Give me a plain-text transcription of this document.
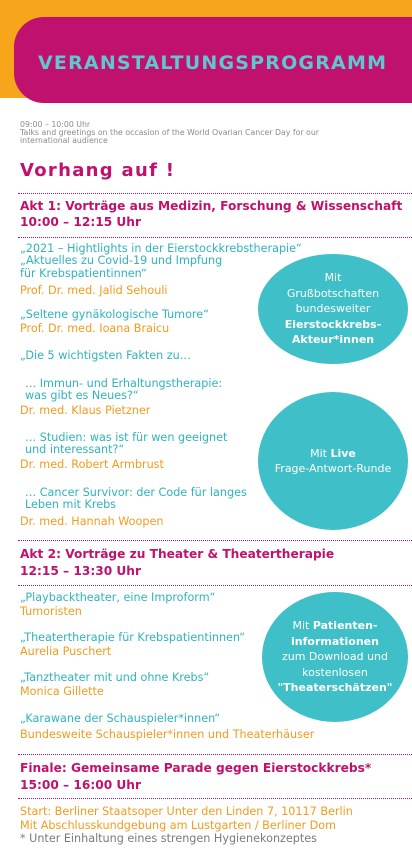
VERANSTALTUNGSPROGRAMM
09:00 – 10:00 Uhr
Talks and greetings on the occasion of the World Ovarian Cancer Day for our
international audience
Vorhang auf !
Akt 1: Vorträge aus Medizin, Forschung & Wissenschaft
10:00 – 12:15 Uhr
„2021 – Hightlights in der Eierstockkrebstherapie“
„Aktuelles zu Covid-19 und Impfung
für Krebspatientinnen“
Prof. Dr. med. Jalid Sehouli
„Seltene gynäkologische Tumore“
Prof. Dr. med. Ioana Braicu
„Die 5 wichtigsten Fakten zu…
… Immun- und Erhaltungstherapie:
was gibt es Neues?“
Dr. med. Klaus Pietzner
… Studien: was ist für wen geeignet
und interessant?“
Dr. med. Robert Armbrust
… Cancer Survivor: der Code für langes
Leben mit Krebs
Dr. med. Hannah Woopen
Akt 2: Vorträge zu Theater & Theatertherapie
12:15 – 13:30 Uhr
„Playbacktheater, eine Improform“
Tumoristen
„Theatertherapie für Krebspatientinnen“
Aurelia Puschert
„Tanztheater mit und ohne Krebs“
Monica Gillette
„Karawane der Schauspieler*innen“
Bundesweite Schauspieler*innen und Theaterhäuser
Finale: Gemeinsame Parade gegen Eierstockkrebs*
15:00 – 16:00 Uhr
Start: Berliner Staatsoper Unter den Linden 7, 10117 Berlin
Mit Abschlusskundgebung am Lustgarten / Berliner Dom
* Unter Einhaltung eines strengen Hygienekonzeptes
Mit
Grußbotschaften
bundesweiter
Eierstockkrebs-
Akteur*innen
Mit Live
Frage-Antwort-Runde
Mit Patienten-
informationen
zum Download und
kostenlosen
"Theaterschätzen"
